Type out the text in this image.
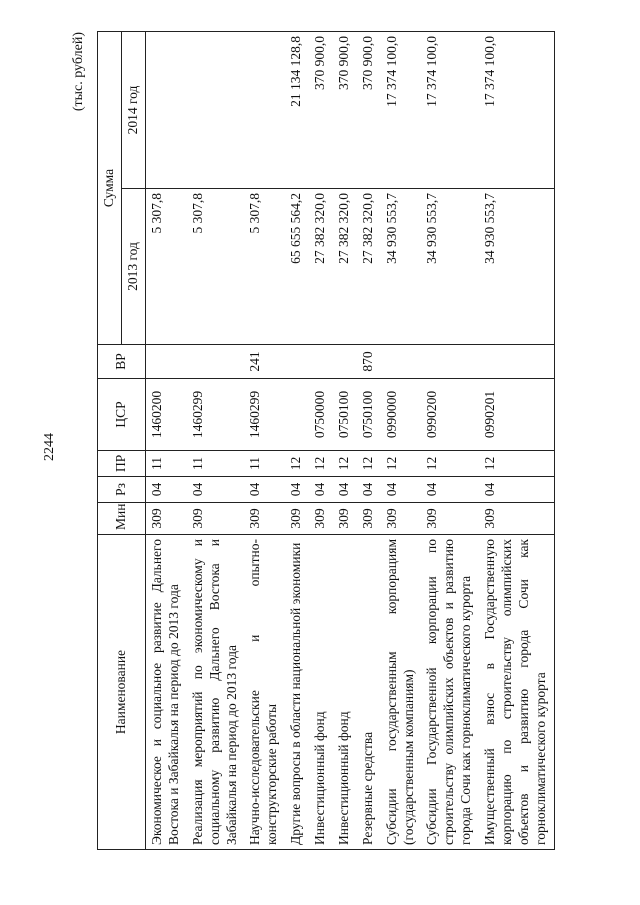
2244
(тыс. рублей)
Наименование	Мин	Рз	ПР	ЦСР	ВР	Сумма	
						2013 год	2014 год
Экономическое и социальное развитие Дальнего Востока и Забайкалья на период до 2013 года	309	04	11	1460200		5 307,8	
Реализация мероприятий по экономическому и социальному развитию Дальнего Востока и Забайкалья на период до 2013 года	309	04	11	1460299		5 307,8	
Научно-исследовательские и опытно-конструкторские работы	309	04	11	1460299	241	5 307,8	
Другие вопросы в области национальной экономики	309	04	12			65 655 564,2	21 134 128,8
Инвестиционный фонд	309	04	12	0750000		27 382 320,0	370 900,0
Инвестиционный фонд	309	04	12	0750100		27 382 320,0	370 900,0
Резервные средства	309	04	12	0750100	870	27 382 320,0	370 900,0
Субсидии государственным корпорациям (государственным компаниям)	309	04	12	0990000		34 930 553,7	17 374 100,0
Субсидии Государственной корпорации по строительству олимпийских объектов и развитию города Сочи как горноклиматического курорта	309	04	12	0990200		34 930 553,7	17 374 100,0
Имущественный взнос в Государственную корпорацию по строительству олимпийских объектов и развитию города Сочи как горноклиматического курорта	309	04	12	0990201		34 930 553,7	17 374 100,0
